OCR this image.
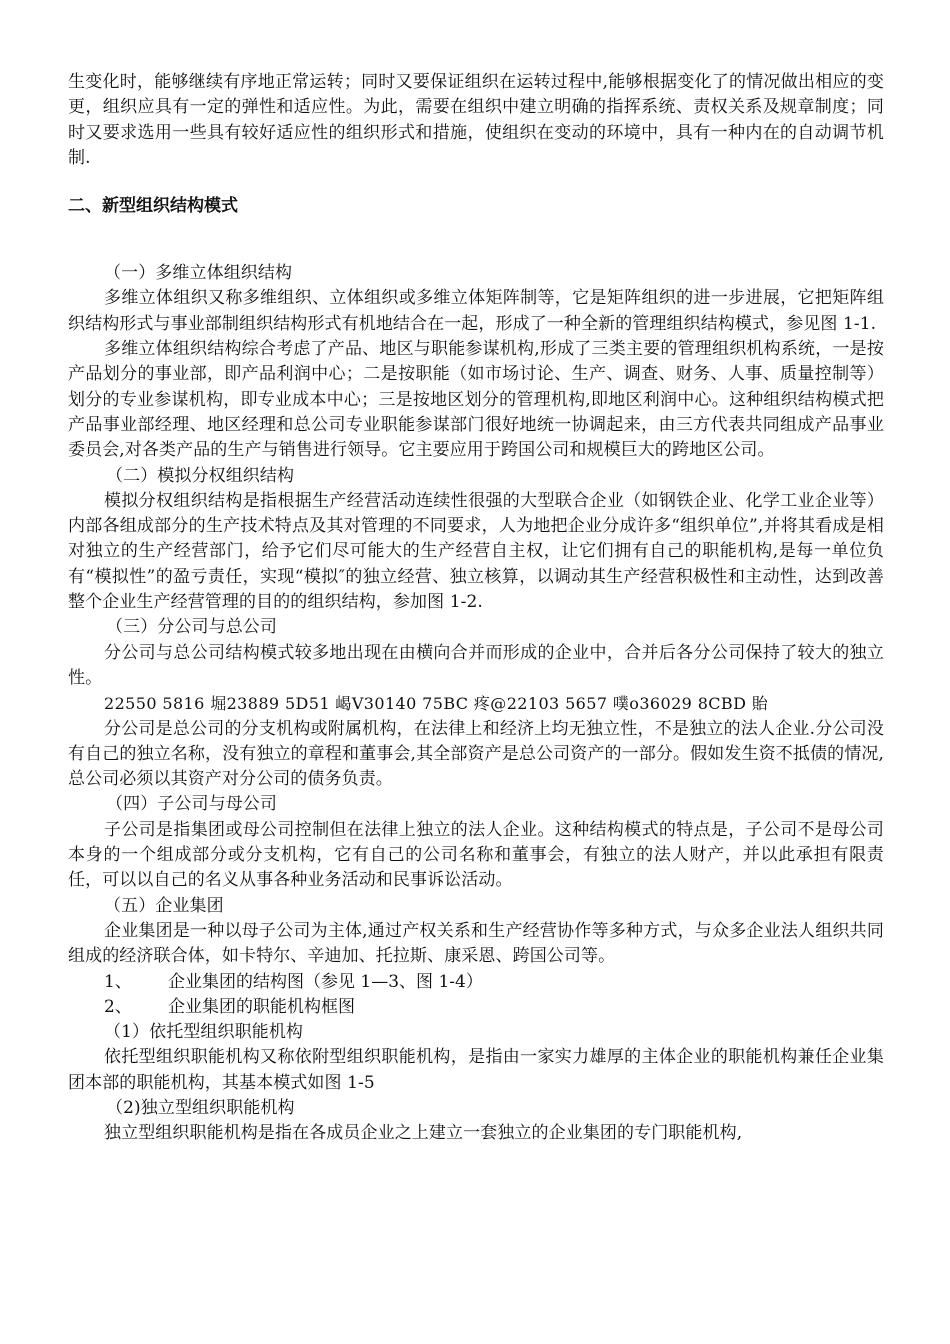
生变化时，能够继续有序地正常运转；同时又要保证组织在运转过程中,能够根据变化了的情况做出相应的变更，组织应具有一定的弹性和适应性。为此，需要在组织中建立明确的指挥系统、责权关系及规章制度；同时又要求选用一些具有较好适应性的组织形式和措施，使组织在变动的环境中，具有一种内在的自动调节机制.

二、新型组织结构模式

（一）多维立体组织结构

多维立体组织又称多维组织、立体组织或多维立体矩阵制等，它是矩阵组织的进一步进展，它把矩阵组织结构形式与事业部制组织结构形式有机地结合在一起，形成了一种全新的管理组织结构模式，参见图 1-1.

多维立体组织结构综合考虑了产品、地区与职能参谋机构,形成了三类主要的管理组织机构系统，一是按产品划分的事业部，即产品利润中心；二是按职能（如市场讨论、生产、调查、财务、人事、质量控制等）划分的专业参谋机构，即专业成本中心；三是按地区划分的管理机构,即地区利润中心。这种组织结构模式把产品事业部经理、地区经理和总公司专业职能参谋部门很好地统一协调起来，由三方代表共同组成产品事业委员会,对各类产品的生产与销售进行领导。它主要应用于跨国公司和规模巨大的跨地区公司。

（二）模拟分权组织结构

模拟分权组织结构是指根据生产经营活动连续性很强的大型联合企业（如钢铁企业、化学工业企业等）内部各组成部分的生产技术特点及其对管理的不同要求，人为地把企业分成许多“组织单位”,并将其看成是相对独立的生产经营部门，给予它们尽可能大的生产经营自主权，让它们拥有自己的职能机构,是每一单位负有“模拟性”的盈亏责任，实现“模拟″的独立经营、独立核算，以调动其生产经营积极性和主动性，达到改善整个企业生产经营管理的目的的组织结构，参加图 1-2.

（三）分公司与总公司

分公司与总公司结构模式较多地出现在由横向合并而形成的企业中，合并后各分公司保持了较大的独立性。

22550 5816 堀23889 5D51 嵑V30140 75BC 疼@22103 5657 噗o36029 8CBD 貽

分公司是总公司的分支机构或附属机构，在法律上和经济上均无独立性，不是独立的法人企业.分公司没有自己的独立名称，没有独立的章程和董事会,其全部资产是总公司资产的一部分。假如发生资不抵债的情况,总公司必须以其资产对分公司的债务负责。

（四）子公司与母公司

子公司是指集团或母公司控制但在法律上独立的法人企业。这种结构模式的特点是，子公司不是母公司本身的一个组成部分或分支机构，它有自己的公司名称和董事会，有独立的法人财产，并以此承担有限责任，可以以自己的名义从事各种业务活动和民事诉讼活动。

（五）企业集团

企业集团是一种以母子公司为主体,通过产权关系和生产经营协作等多种方式，与众多企业法人组织共同组成的经济联合体，如卡特尔、辛迪加、托拉斯、康采恩、跨国公司等。

1、 企业集团的结构图（参见 1—3、图 1-4）

2、 企业集团的职能机构框图

（1）依托型组织职能机构

依托型组织职能机构又称依附型组织职能机构，是指由一家实力雄厚的主体企业的职能机构兼任企业集团本部的职能机构，其基本模式如图 1-5

（2)独立型组织职能机构

独立型组织职能机构是指在各成员企业之上建立一套独立的企业集团的专门职能机构,
